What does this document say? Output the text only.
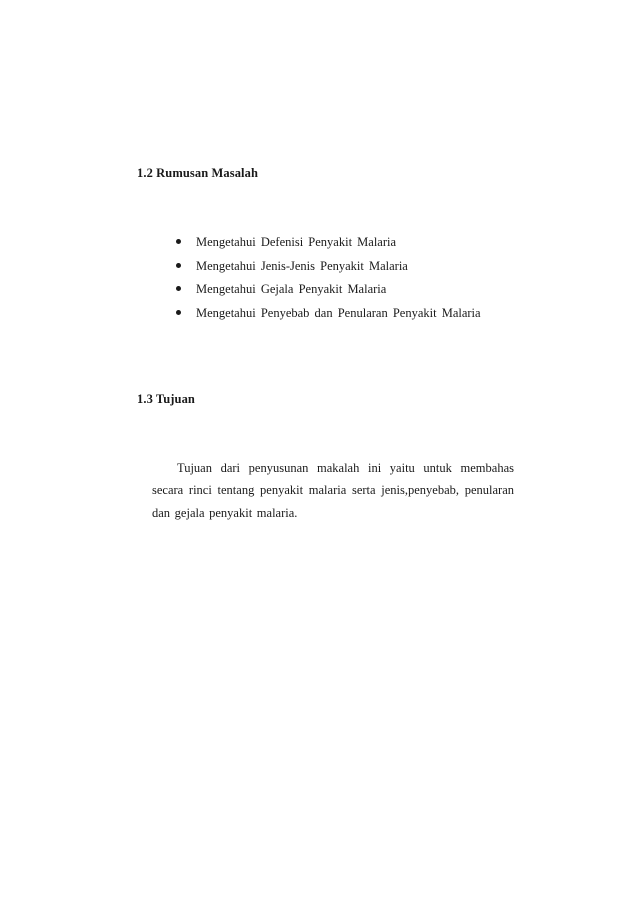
1.2 Rumusan Masalah
Mengetahui Defenisi Penyakit Malaria
Mengetahui Jenis-Jenis Penyakit Malaria
Mengetahui Gejala Penyakit Malaria
Mengetahui Penyebab dan Penularan Penyakit Malaria
1.3 Tujuan

Tujuan dari penyusunan makalah ini yaitu untuk membahas secara rinci tentang penyakit malaria serta jenis,penyebab, penularan dan gejala penyakit malaria.
